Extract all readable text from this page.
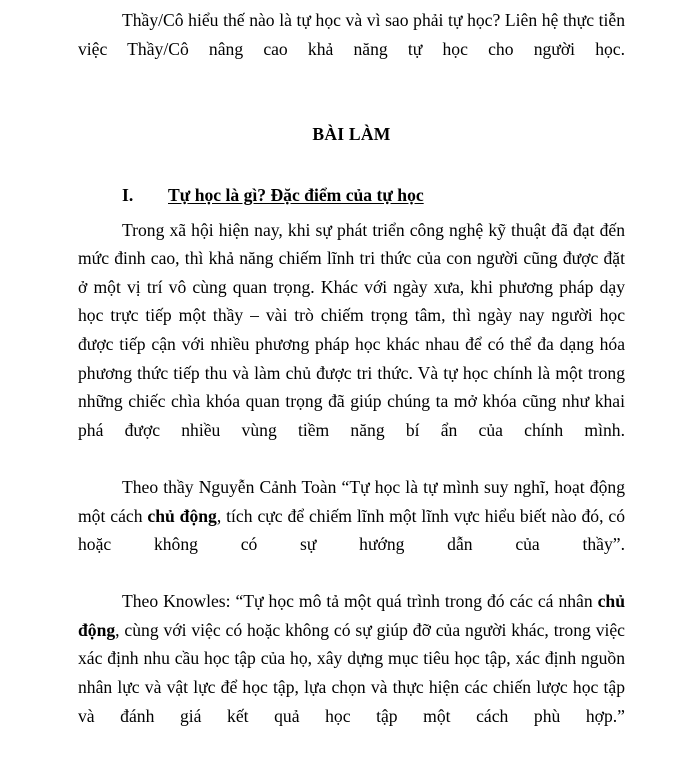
Thầy/Cô hiểu thế nào là tự học và vì sao phải tự học? Liên hệ thực tiễn việc Thầy/Cô nâng cao khả năng tự học cho người học.

BÀI LÀM

I. Tự học là gì? Đặc điểm của tự học

Trong xã hội hiện nay, khi sự phát triển công nghệ kỹ thuật đã đạt đến mức đinh cao, thì khả năng chiếm lĩnh tri thức của con người cũng được đặt ở một vị trí vô cùng quan trọng. Khác với ngày xưa, khi phương pháp dạy học trực tiếp một thầy – vài trò chiếm trọng tâm, thì ngày nay người học được tiếp cận với nhiều phương pháp học khác nhau để có thể đa dạng hóa phương thức tiếp thu và làm chủ được tri thức. Và tự học chính là một trong những chiếc chìa khóa quan trọng đã giúp chúng ta mở khóa cũng như khai phá được nhiều vùng tiềm năng bí ẩn của chính mình.

Theo thầy Nguyễn Cảnh Toàn “Tự học là tự mình suy nghĩ, hoạt động một cách chủ động, tích cực để chiếm lĩnh một lĩnh vực hiểu biết nào đó, có hoặc không có sự hướng dẫn của thầy”.

Theo Knowles: “Tự học mô tả một quá trình trong đó các cá nhân chủ động, cùng với việc có hoặc không có sự giúp đỡ của người khác, trong việc xác định nhu cầu học tập của họ, xây dựng mục tiêu học tập, xác định nguồn nhân lực và vật lực để học tập, lựa chọn và thực hiện các chiến lược học tập và đánh giá kết quả học tập một cách phù hợp.”
